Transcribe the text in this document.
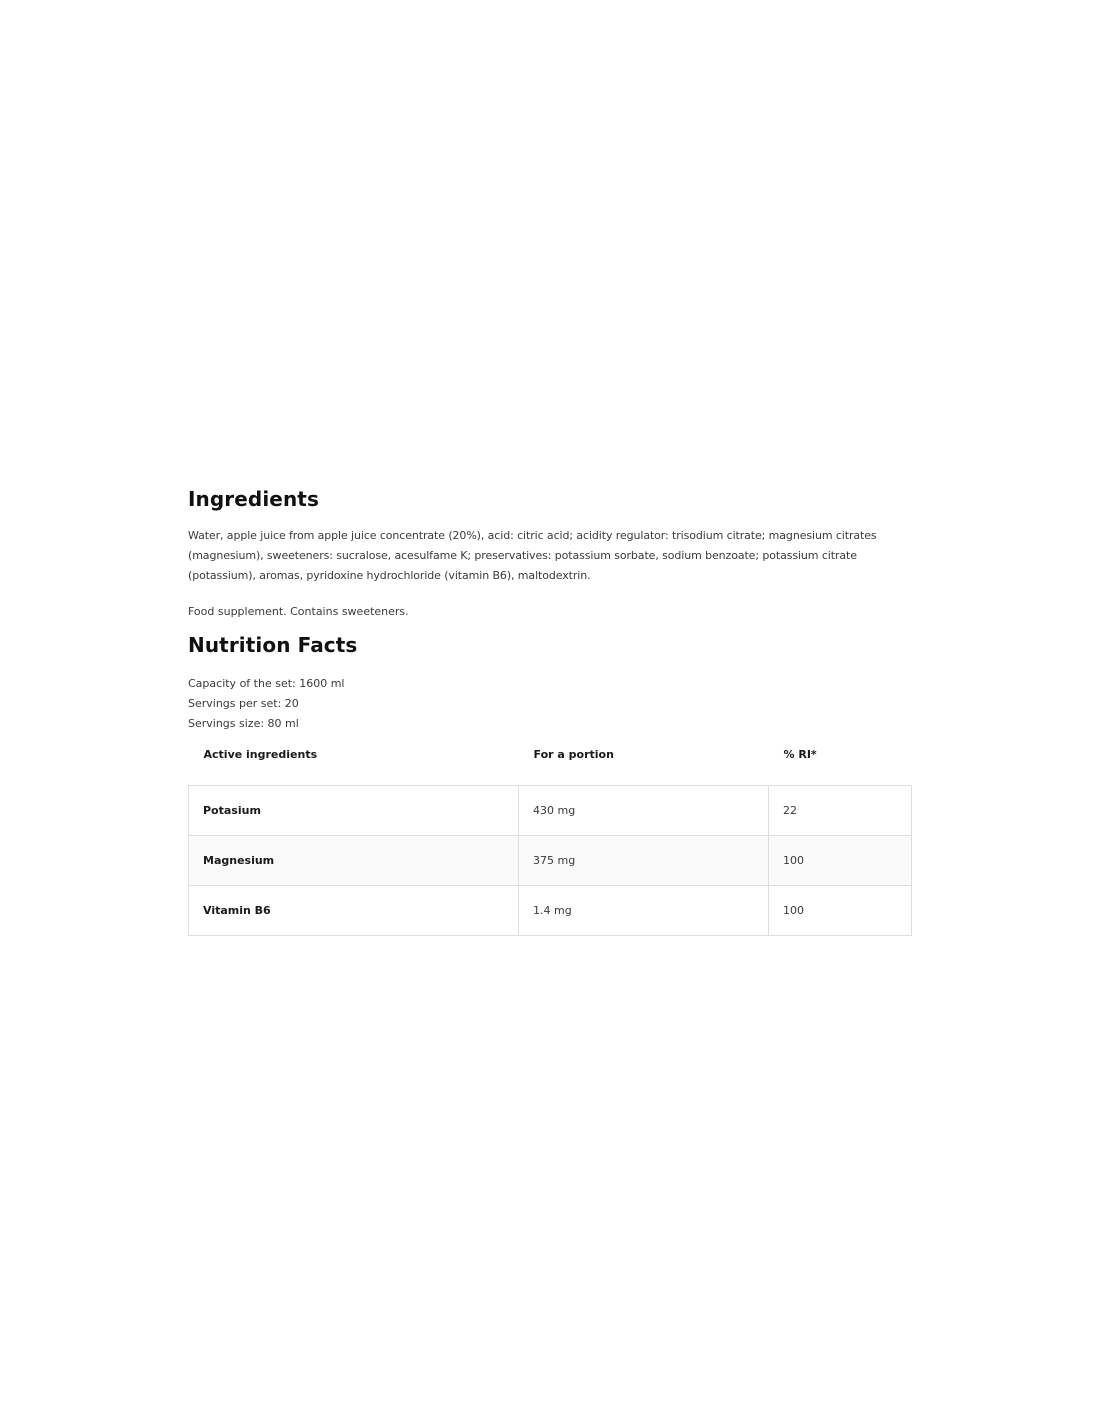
Ingredients

Water, apple juice from apple juice concentrate (20%), acid: citric acid; acidity regulator: trisodium citrate; magnesium citrates (magnesium), sweeteners: sucralose, acesulfame K; preservatives: potassium sorbate, sodium benzoate; potassium citrate (potassium), aromas, pyridoxine hydrochloride (vitamin B6), maltodextrin.

Food supplement. Contains sweeteners.

Nutrition Facts
Capacity of the set: 1600 ml
Servings per set: 20
Servings size: 80 ml
Active ingredients	For a portion	% RI*
Potasium	430 mg	22
Magnesium	375 mg	100
Vitamin B6	1.4 mg	100
